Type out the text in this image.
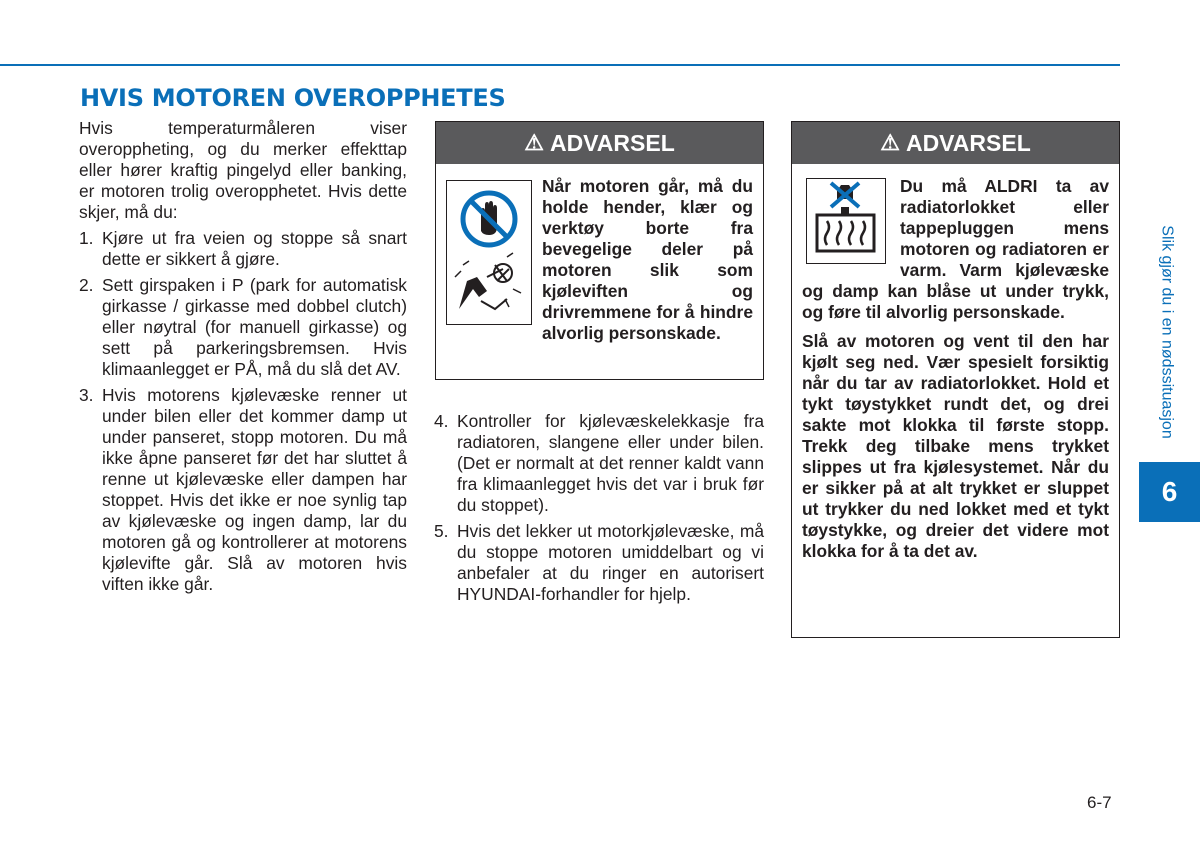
HVIS MOTOREN OVEROPPHETES

Hvis temperaturmåleren viser overoppheting, og du merker effekttap eller hører kraftig pingelyd eller banking, er motoren trolig overopphetet. Hvis dette skjer, må du:

1. Kjøre ut fra veien og stoppe så snart dette er sikkert å gjøre.
2. Sett girspaken i P (park for automatisk girkasse / girkasse med dobbel clutch) eller nøytral (for manuell girkasse) og sett på parkeringsbremsen. Hvis klimaanlegget er PÅ, må du slå det AV.
3. Hvis motorens kjølevæske renner ut under bilen eller det kommer damp ut under panseret, stopp motoren. Du må ikke åpne panseret før det har sluttet å renne ut kjølevæske eller dampen har stoppet. Hvis det ikke er noe synlig tap av kjølevæske og ingen damp, lar du motoren gå og kontrollerer at motorens kjølevifte går. Slå av motoren hvis viften ikke går.
⚠ ADVARSEL

Når motoren går, må du holde hender, klær og verktøy borte fra bevegelige deler på motoren slik som kjøleviften og drivremmene for å hindre alvorlig personskade.

4. Kontroller for kjølevæskelekkasje fra radiatoren, slangene eller under bilen. (Det er normalt at det renner kaldt vann fra klimaanlegget hvis det var i bruk før du stoppet).
5. Hvis det lekker ut motorkjølevæske, må du stoppe motoren umiddelbart og vi anbefaler at du ringer en autorisert HYUNDAI-forhandler for hjelp.
⚠ ADVARSEL

Du må ALDRI ta av radiatorlokket eller tappepluggen mens motoren og radiatoren er varm. Varm kjølevæske og damp kan blåse ut under trykk, og føre til alvorlig personskade.

Slå av motoren og vent til den har kjølt seg ned. Vær spesielt forsiktig når du tar av radiatorlokket. Hold et tykt tøystykket rundt det, og drei sakte mot klokka til første stopp. Trekk deg tilbake mens trykket slippes ut fra kjølesystemet. Når du er sikker på at alt trykket er sluppet ut trykker du ned lokket med et tykt tøystykke, og dreier det videre mot klokka for å ta det av.

Slik gjør du i en nødssituasjon
6
6-7
